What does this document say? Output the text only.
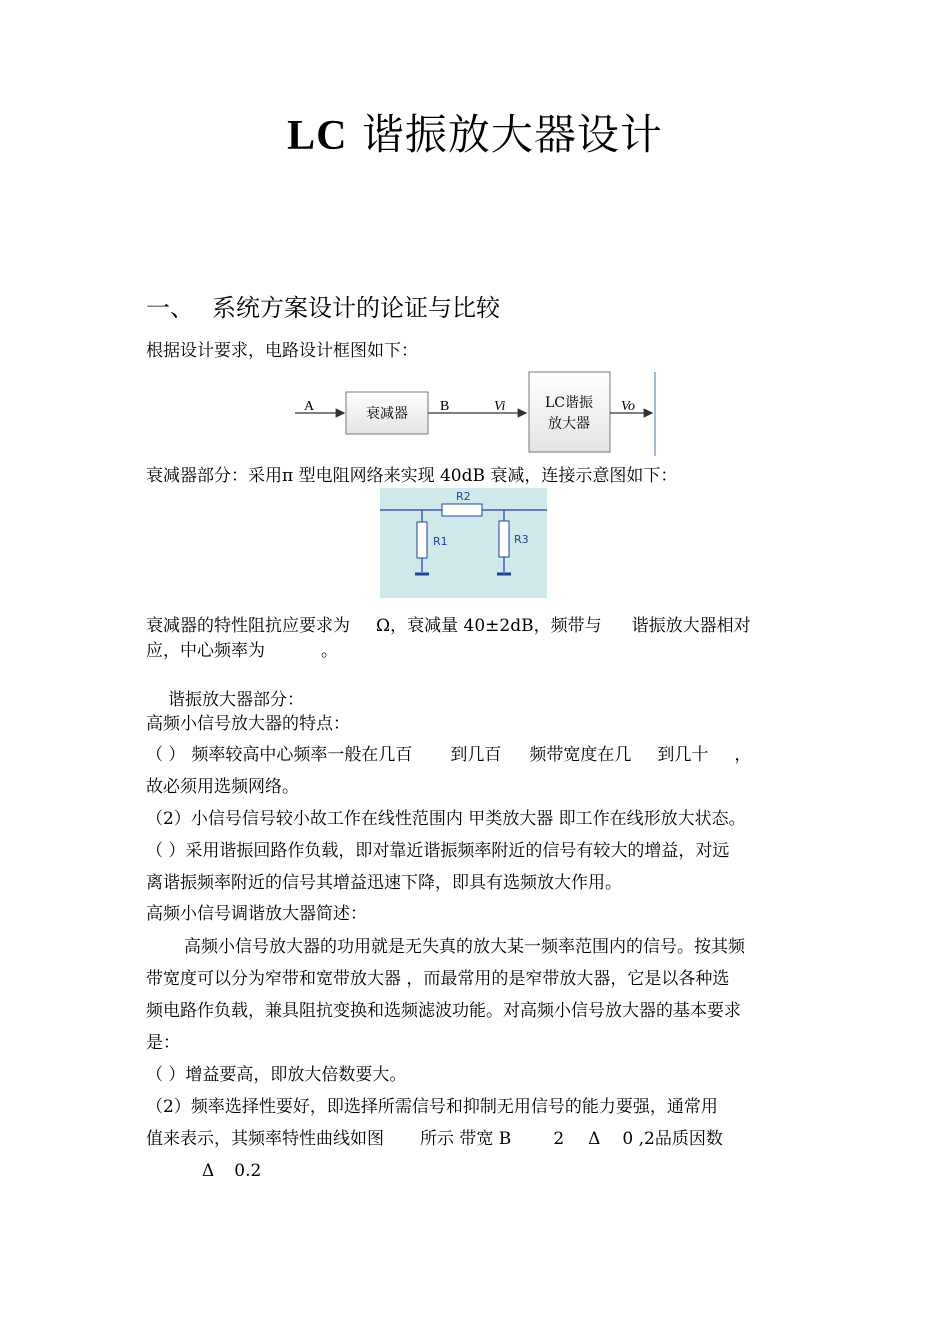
LC 谐振放大器设计
一、 系统方案设计的论证与比较
根据设计要求，电路设计框图如下：
A	衰减器 B	Vi	LC谐振
放大器
Vo
衰减器部分：采用π 型电阻网络来实现 40dB 衰减，连接示意图如下：
R2
R1	R3
衰减器的特性阻抗应要求为 Ω，衰减量 40±2dB，频带与 谐振放大器相对
应，中心频率为	。
谐振放大器部分：
高频小信号放大器的特点：
（ ） 频率较高中心频率一般在几百 到几百 频带宽度在几 到几十 ，
故必须用选频网络。
（2）小信号信号较小故工作在线性范围内 甲类放大器 即工作在线形放大状态。
（ ）采用谐振回路作负载，即对靠近谐振频率附近的信号有较大的增益，对远
离谐振频率附近的信号其增益迅速下降，即具有选频放大作用。
高频小信号调谐放大器简述：
高频小信号放大器的功用就是无失真的放大某一频率范围内的信号。按其频
带宽度可以分为窄带和宽带放大器 ，而最常用的是窄带放大器，它是以各种选
频电路作负载，兼具阻抗变换和选频滤波功能。对高频小信号放大器的基本要求
是：
（ ）增益要高，即放大倍数要大。
（2）频率选择性要好，即选择所需信号和抑制无用信号的能力要强，通常用
值来表示，其频率特性曲线如图 所示 带宽 B 2 Δ 0 ,2品质因数
Δ 0.2
